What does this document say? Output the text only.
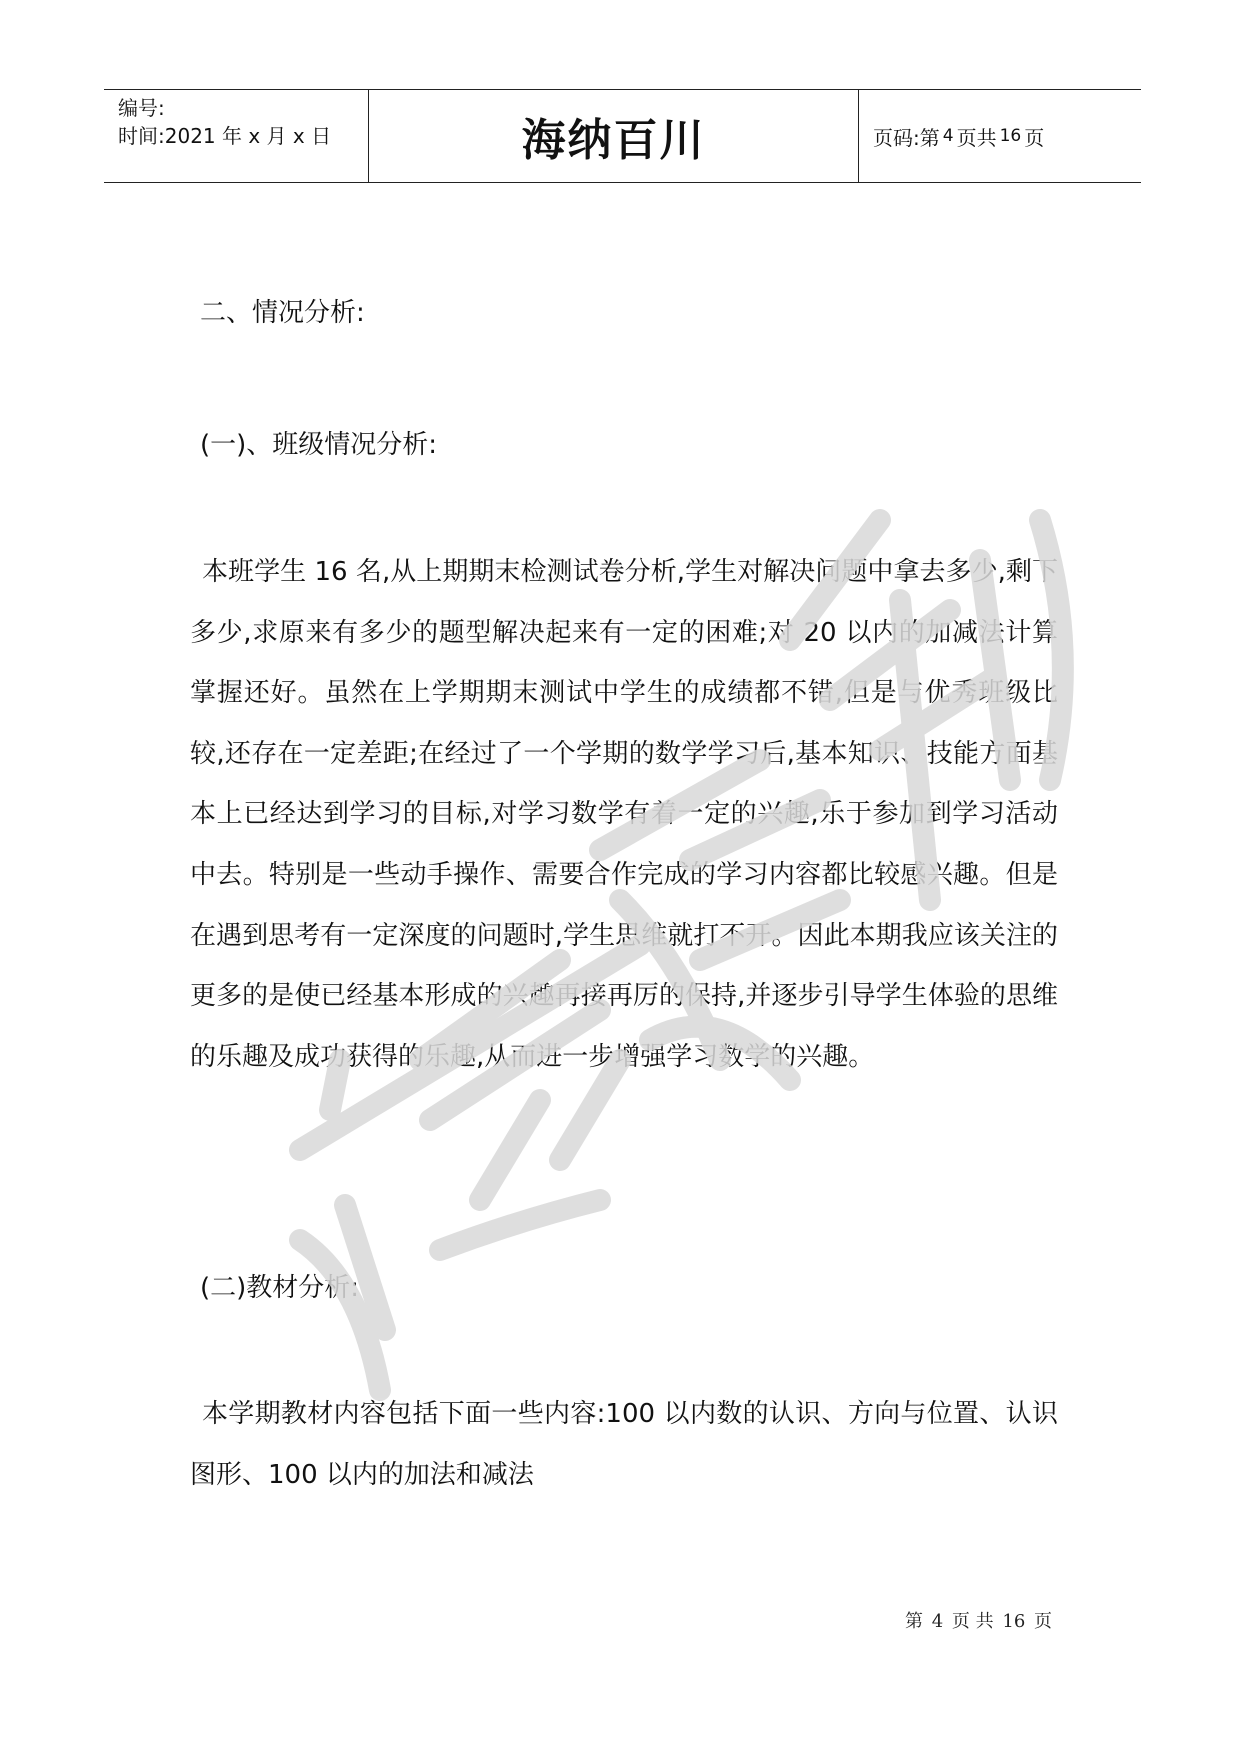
编号:
时间:2021 年 x 月 x 日	海纳百川	页码:第 4 页共 16 页
二、情况分析:
(一)、班级情况分析:
本班学生 16 名,从上期期末检测试卷分析,学生对解决问题中拿去多少,剩下多少,求原来有多少的题型解决起来有一定的困难;对 20 以内的加减法计算掌握还好。虽然在上学期期末测试中学生的成绩都不错,但是与优秀班级比较,还存在一定差距;在经过了一个学期的数学学习后,基本知识、技能方面基本上已经达到学习的目标,对学习数学有着一定的兴趣,乐于参加到学习活动中去。特别是一些动手操作、需要合作完成的学习内容都比较感兴趣。但是在遇到思考有一定深度的问题时,学生思维就打不开。因此本期我应该关注的更多的是使已经基本形成的兴趣再接再厉的保持,并逐步引导学生体验的思维的乐趣及成功获得的乐趣,从而进一步增强学习数学的兴趣。
(二)教材分析:
本学期教材内容包括下面一些内容:100 以内数的认识、方向与位置、认识图形、100 以内的加法和减法
第 4 页 共 16 页
